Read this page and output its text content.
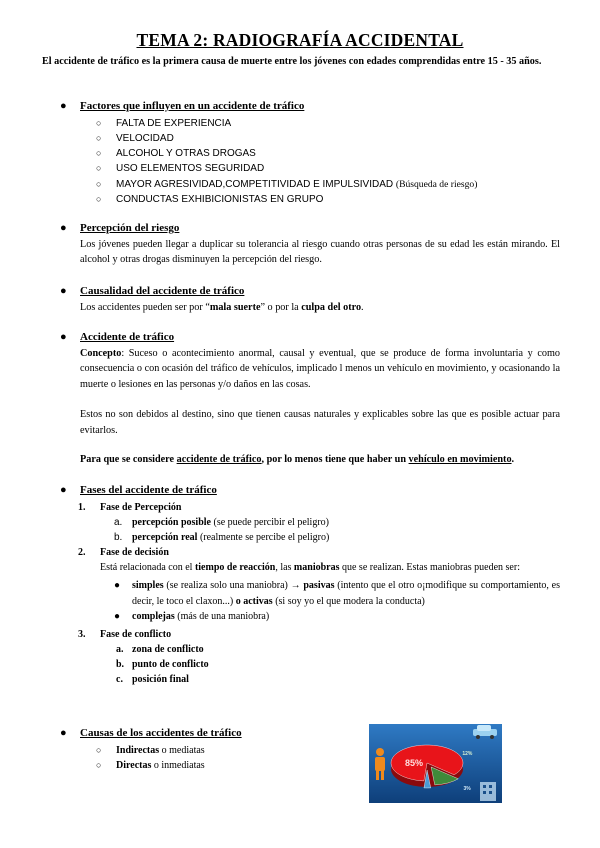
TEMA 2: RADIOGRAFÍA ACCIDENTAL
El accidente de tráfico es la primera causa de muerte entre los jóvenes con edades comprendidas entre 15 - 35 años.
● Factores que influyen en un accidente de tráfico
○ FALTA DE EXPERIENCIA
○ VELOCIDAD
○ ALCOHOL Y OTRAS DROGAS
○ USO ELEMENTOS SEGURIDAD
○ MAYOR AGRESIVIDAD,COMPETITIVIDAD E IMPULSIVIDAD (Búsqueda de riesgo)
○ CONDUCTAS EXHIBICIONISTAS EN GRUPO
● Percepción del riesgo
Los jóvenes pueden llegar a duplicar su tolerancia al riesgo cuando otras personas de su edad les están mirando. El alcohol y otras drogas disminuyen la percepción del riesgo.
● Causalidad del accidente de tráfico
Los accidentes pueden ser por “mala suerte” o por la culpa del otro.
● Accidente de tráfico
Concepto: Suceso o acontecimiento anormal, causal y eventual, que se produce de forma involuntaria y como consecuencia o con ocasión del tráfico de vehículos, implicado l menos un vehículo en movimiento, y ocasionando la muerte o lesiones en las personas y/o daños en las cosas.
Estos no son debidos al destino, sino que tienen causas naturales y explicables sobre las que es posible actuar para evitarlos.
Para que se considere accidente de tráfico, por lo menos tiene que haber un vehículo en movimiento.
● Fases del accidente de tráfico
1. Fase de Percepción
a. percepción posible (se puede percibir el peligro)
b. percepción real (realmente se percibe el peligro)
2. Fase de decisión
Está relacionada con el tiempo de reacción, las maniobras que se realizan. Estas maniobras pueden ser:
● simples (se realiza solo una maniobra) → pasivas (intento que el otro o¡modifique su comportamiento, es decir, le toco el claxon...) o activas (si soy yo el que modera la conducta)
● complejas (más de una maniobra)
3. Fase de conflicto
a. zona de conflicto
b. punto de conflicto
c. posición final
● Causas de los accidentes de tráfico
○ Indirectas o mediatas
○ Directas o inmediatas	85%
12%
3%
